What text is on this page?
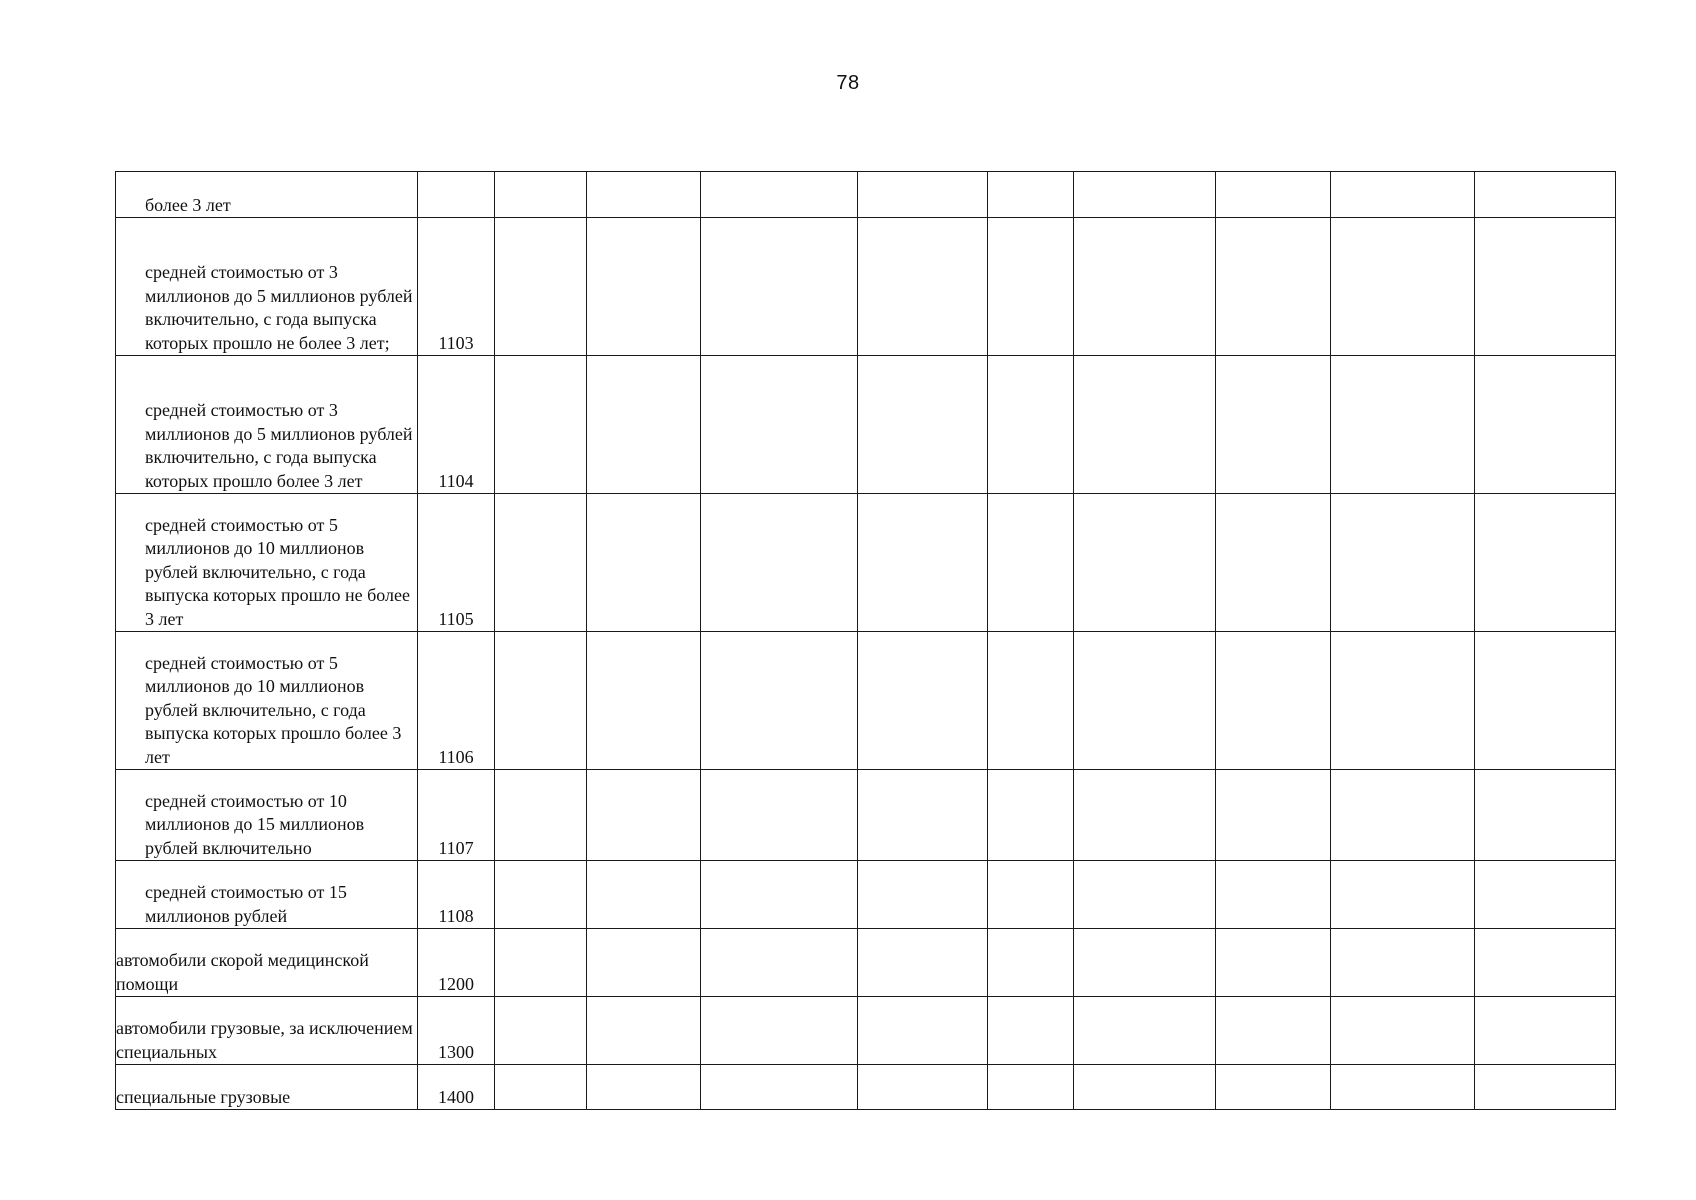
78
более 3 лет										

средней стоимостью от 3 миллионов до 5 миллионов рублей включительно, с года выпуска которых прошло не более 3 лет;	1103									

средней стоимостью от 3 миллионов до 5 миллионов рублей включительно, с года выпуска которых прошло более 3 лет	1104									

средней стоимостью от 5 миллионов до 10 миллионов рублей включительно, с года выпуска которых прошло не более 3 лет	1105									

средней стоимостью от 5 миллионов до 10 миллионов рублей включительно, с года выпуска которых прошло более 3 лет	1106									

средней стоимостью от 10 миллионов до 15 миллионов рублей включительно	1107									

средней стоимостью от 15 миллионов рублей	1108									

автомобили скорой медицинской помощи	1200									

автомобили грузовые, за исключением специальных	1300									

специальные грузовые	1400									
